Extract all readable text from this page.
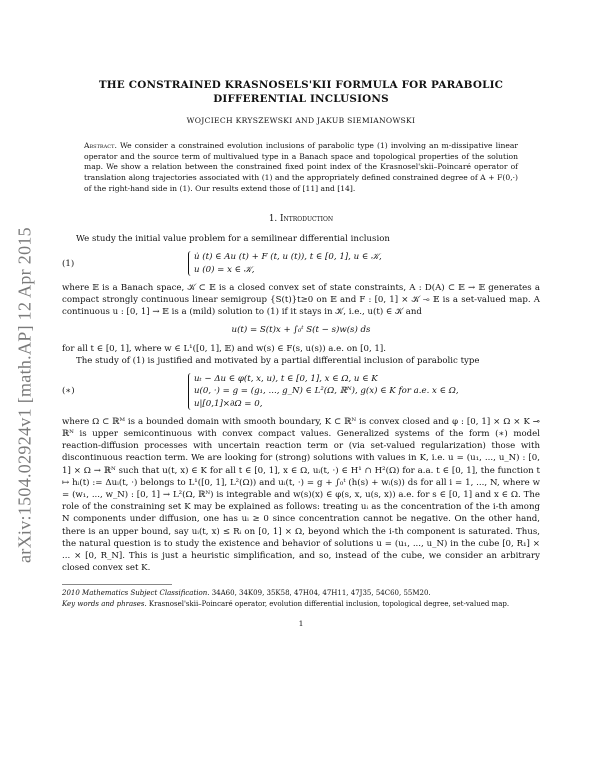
arXiv:1504.02924v1 [math.AP] 12 Apr 2015
THE CONSTRAINED KRASNOSELS'KII FORMULA FOR PARABOLIC DIFFERENTIAL INCLUSIONS
WOJCIECH KRYSZEWSKI AND JAKUB SIEMIANOWSKI
Abstract. We consider a constrained evolution inclusions of parabolic type (1) involving an m-dissipative linear operator and the source term of multivalued type in a Banach space and topological properties of the solution map. We show a relation between the constrained fixed point index of the Krasnosel'skii–Poincaré operator of translation along trajectories associated with (1) and the appropriately defined constrained degree of A + F(0,·) of the right-hand side in (1). Our results extend those of [11] and [14].
1. Introduction

We study the initial value problem for a semilinear differential inclusion

(1)
u̇ (t) ∈ Au (t) + F (t, u (t)), t ∈ [0, 1], u ∈ 𝒦,
u (0) = x ∈ 𝒦,

where 𝔼 is a Banach space, 𝒦 ⊂ 𝔼 is a closed convex set of state constraints, A : D(A) ⊂ 𝔼 → 𝔼 generates a compact strongly continuous linear semigroup {S(t)}t≥0 on 𝔼 and F : [0, 1] × 𝒦 ⊸ 𝔼 is a set-valued map. A continuous u : [0, 1] → 𝔼 is a (mild) solution to (1) if it stays in 𝒦, i.e., u(t) ∈ 𝒦 and

u(t) = S(t)x + ∫₀ᵗ S(t − s)w(s) ds

for all t ∈ [0, 1], where w ∈ L¹([0, 1], 𝔼) and w(s) ∈ F(s, u(s)) a.e. on [0, 1].

The study of (1) is justified and motivated by a partial differential inclusion of parabolic type

(∗)
uₜ − Δu ∈ φ(t, x, u), t ∈ [0, 1], x ∈ Ω, u ∈ K
u(0, ·) = g = (g₁, ..., g_N) ∈ L²(Ω, ℝᴺ), g(x) ∈ K for a.e. x ∈ Ω,
u|[0,1]×∂Ω = 0,

where Ω ⊂ ℝᴹ is a bounded domain with smooth boundary, K ⊂ ℝᴺ is convex closed and φ : [0, 1] × Ω × K ⊸ ℝᴺ is upper semicontinuous with convex compact values. Generalized systems of the form (∗) model reaction-diffusion processes with uncertain reaction term or (via set-valued regularization) those with discontinuous reaction term. We are looking for (strong) solutions with values in K, i.e. u = (u₁, ..., u_N) : [0, 1] × Ω → ℝᴺ such that u(t, x) ∈ K for all t ∈ [0, 1], x ∈ Ω, uᵢ(t, ·) ∈ H¹ ∩ H²(Ω) for a.a. t ∈ [0, 1], the function t ↦ hᵢ(t) := Δuᵢ(t, ·) belongs to L¹([0, 1], L²(Ω)) and uᵢ(t, ·) = g + ∫₀ᵗ (h(s) + wᵢ(s)) ds for all i = 1, ..., N, where w = (w₁, ..., w_N) : [0, 1] → L²(Ω, ℝᴺ) is integrable and w(s)(x) ∈ φ(s, x, u(s, x)) a.e. for s ∈ [0, 1] and x ∈ Ω. The role of the constraining set K may be explained as follows: treating uᵢ as the concentration of the i-th among N components under diffusion, one has uᵢ ≥ 0 since concentration cannot be negative. On the other hand, there is an upper bound, say uᵢ(t, x) ≤ Rᵢ on [0, 1] × Ω, beyond which the i-th component is saturated. Thus, the natural question is to study the existence and behavior of solutions u = (u₁, ..., u_N) in the cube [0, R₁] × ... × [0, R_N]. This is just a heuristic simplification, and so, instead of the cube, we consider an arbitrary closed convex set K.

2010 Mathematics Subject Classification. 34A60, 34K09, 35K58, 47H04, 47H11, 47J35, 54C60, 55M20.
Key words and phrases. Krasnosel'skii–Poincaré operator, evolution differential inclusion, topological degree, set-valued map.
1
